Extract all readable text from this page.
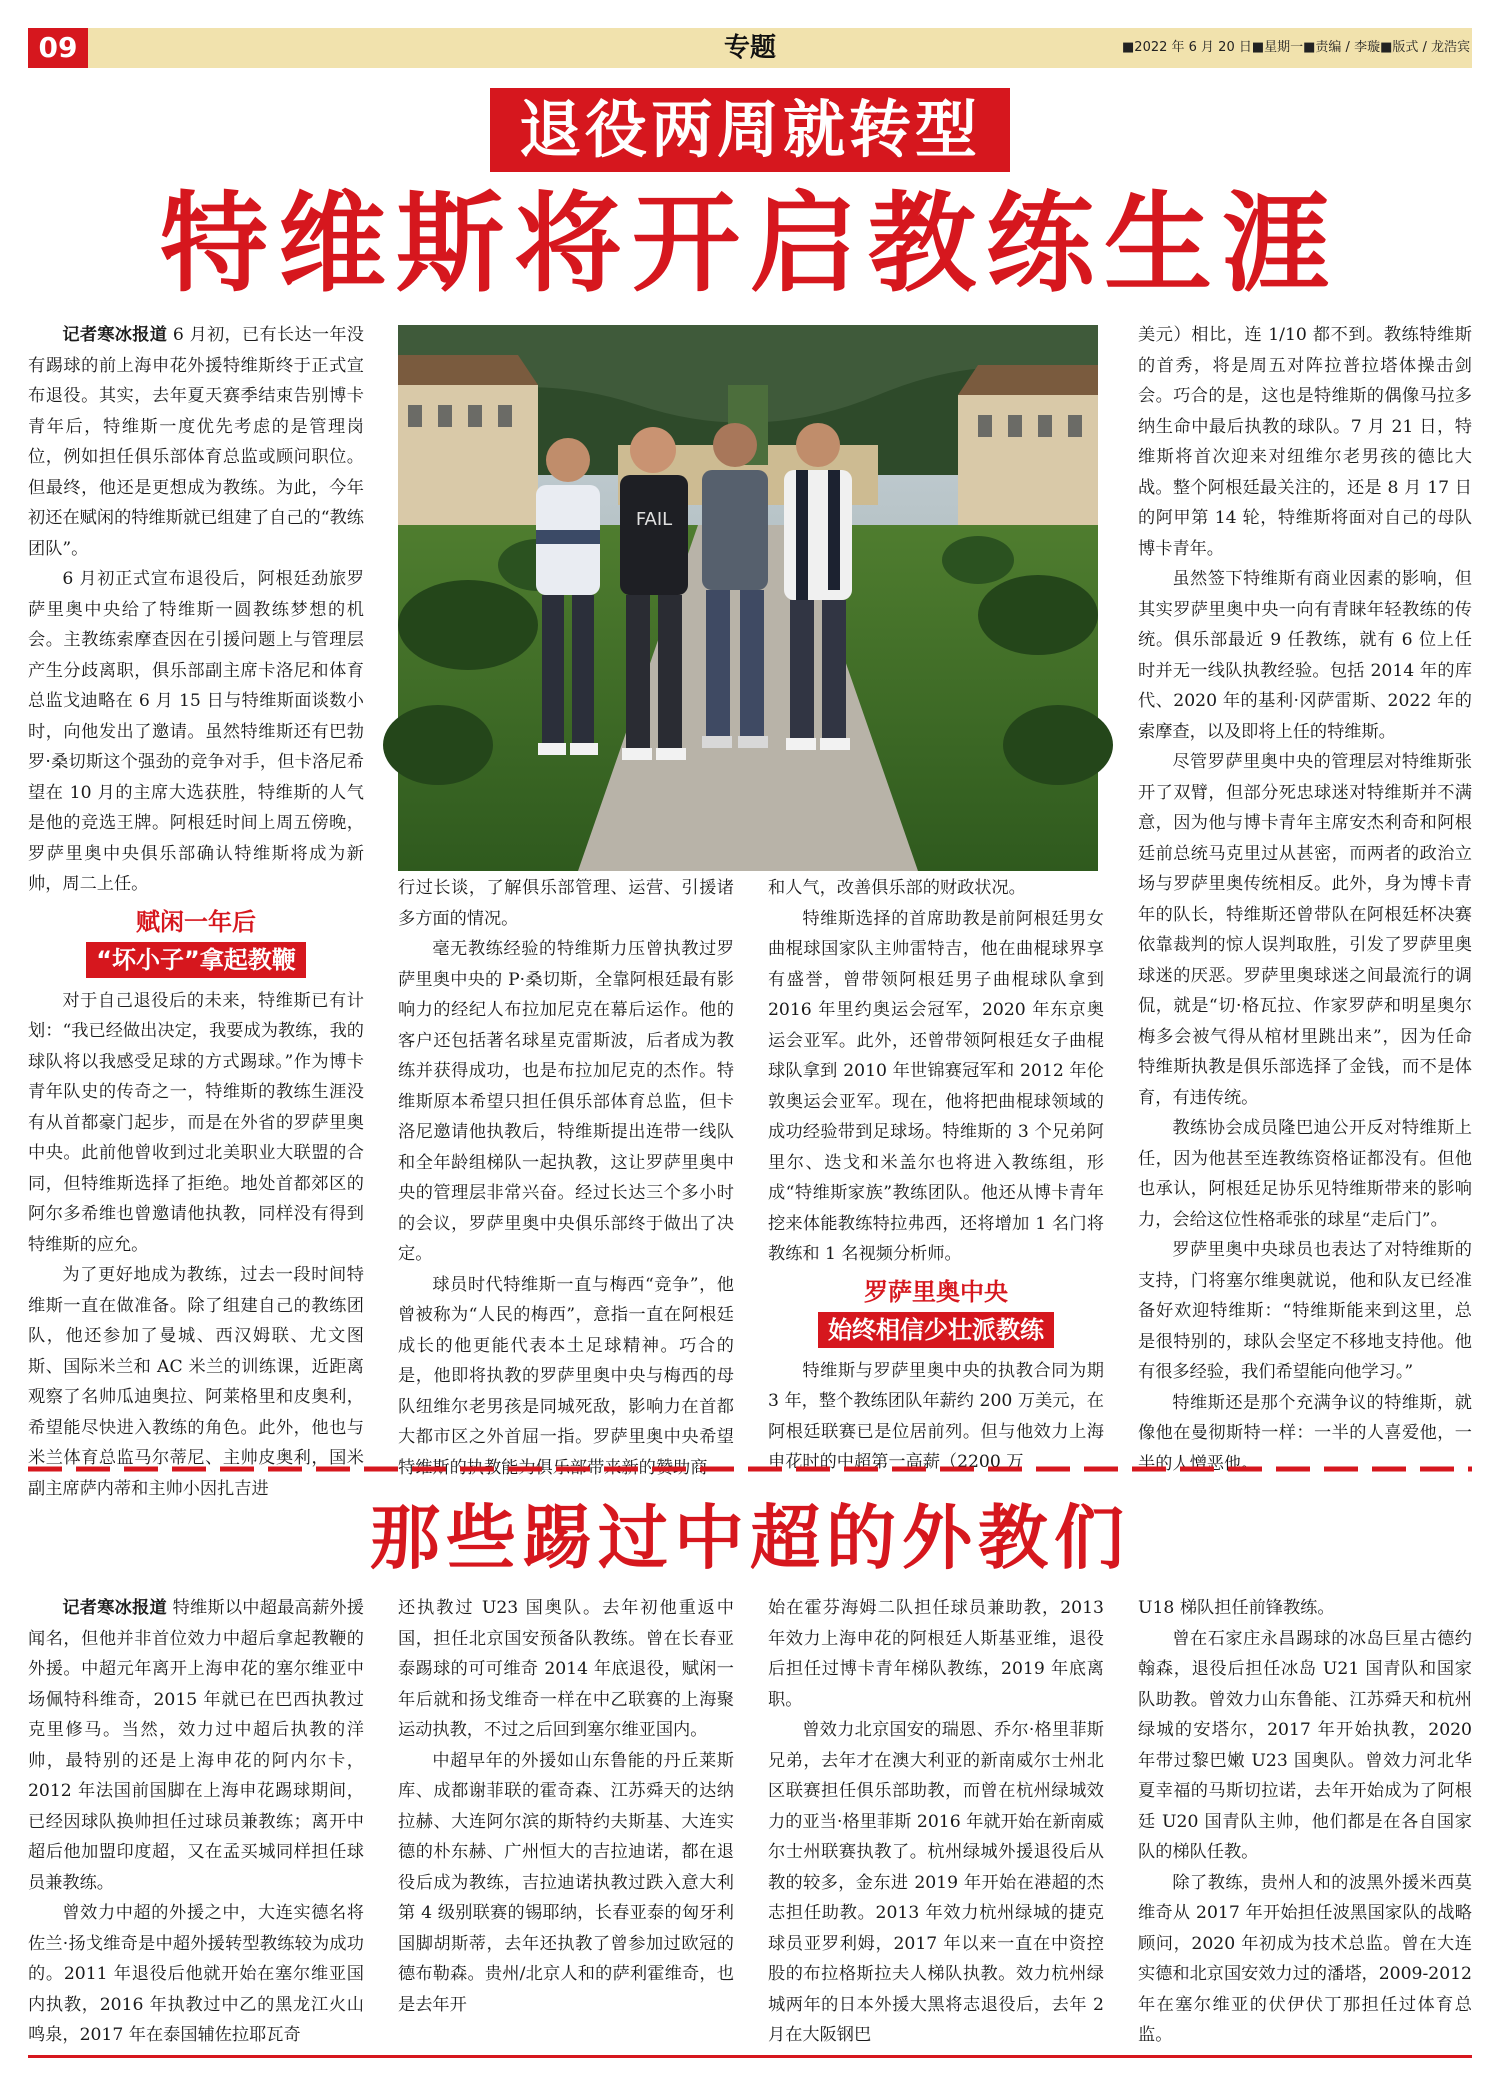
09	专题	■2022 年 6 月 20 日■星期一■责编 / 李璇■版式 / 龙浩宾
退役两周就转型
特维斯将开启教练生涯

记者寒冰报道 6 月初，已有长达一年没有踢球的前上海申花外援特维斯终于正式宣布退役。其实，去年夏天赛季结束告别博卡青年后，特维斯一度优先考虑的是管理岗位，例如担任俱乐部体育总监或顾问职位。但最终，他还是更想成为教练。为此，今年初还在赋闲的特维斯就已组建了自己的“教练团队”。

6 月初正式宣布退役后，阿根廷劲旅罗萨里奥中央给了特维斯一圆教练梦想的机会。主教练索摩查因在引援问题上与管理层产生分歧离职，俱乐部副主席卡洛尼和体育总监戈迪略在 6 月 15 日与特维斯面谈数小时，向他发出了邀请。虽然特维斯还有巴勃罗·桑切斯这个强劲的竞争对手，但卡洛尼希望在 10 月的主席大选获胜，特维斯的人气是他的竞选王牌。阿根廷时间上周五傍晚，罗萨里奥中央俱乐部确认特维斯将成为新帅，周二上任。

赋闲一年后
“坏小子”拿起教鞭

对于自己退役后的未来，特维斯已有计划：“我已经做出决定，我要成为教练，我的球队将以我感受足球的方式踢球。”作为博卡青年队史的传奇之一，特维斯的教练生涯没有从首都豪门起步，而是在外省的罗萨里奥中央。此前他曾收到过北美职业大联盟的合同，但特维斯选择了拒绝。地处首都郊区的阿尔多希维也曾邀请他执教，同样没有得到特维斯的应允。

为了更好地成为教练，过去一段时间特维斯一直在做准备。除了组建自己的教练团队，他还参加了曼城、西汉姆联、尤文图斯、国际米兰和 AC 米兰的训练课，近距离观察了名帅瓜迪奥拉、阿莱格里和皮奥利，希望能尽快进入教练的角色。此外，他也与米兰体育总监马尔蒂尼、主帅皮奥利，国米副主席萨内蒂和主帅小因扎吉进

FAIL

行过长谈，了解俱乐部管理、运营、引援诸多方面的情况。

毫无教练经验的特维斯力压曾执教过罗萨里奥中央的 P·桑切斯，全靠阿根廷最有影响力的经纪人布拉加尼克在幕后运作。他的客户还包括著名球星克雷斯波，后者成为教练并获得成功，也是布拉加尼克的杰作。特维斯原本希望只担任俱乐部体育总监，但卡洛尼邀请他执教后，特维斯提出连带一线队和全年龄组梯队一起执教，这让罗萨里奥中央的管理层非常兴奋。经过长达三个多小时的会议，罗萨里奥中央俱乐部终于做出了决定。

球员时代特维斯一直与梅西“竞争”，他曾被称为“人民的梅西”，意指一直在阿根廷成长的他更能代表本土足球精神。巧合的是，他即将执教的罗萨里奥中央与梅西的母队纽维尔老男孩是同城死敌，影响力在首都大都市区之外首屈一指。罗萨里奥中央希望特维斯的执教能为俱乐部带来新的赞助商

和人气，改善俱乐部的财政状况。

特维斯选择的首席助教是前阿根廷男女曲棍球国家队主帅雷特吉，他在曲棍球界享有盛誉，曾带领阿根廷男子曲棍球队拿到 2016 年里约奥运会冠军，2020 年东京奥运会亚军。此外，还曾带领阿根廷女子曲棍球队拿到 2010 年世锦赛冠军和 2012 年伦敦奥运会亚军。现在，他将把曲棍球领域的成功经验带到足球场。特维斯的 3 个兄弟阿里尔、迭戈和米盖尔也将进入教练组，形成“特维斯家族”教练团队。他还从博卡青年挖来体能教练特拉弗西，还将增加 1 名门将教练和 1 名视频分析师。

罗萨里奥中央
始终相信少壮派教练

特维斯与罗萨里奥中央的执教合同为期 3 年，整个教练团队年薪约 200 万美元，在阿根廷联赛已是位居前列。但与他效力上海申花时的中超第一高薪（2200 万

美元）相比，连 1/10 都不到。教练特维斯的首秀，将是周五对阵拉普拉塔体操击剑会。巧合的是，这也是特维斯的偶像马拉多纳生命中最后执教的球队。7 月 21 日，特维斯将首次迎来对纽维尔老男孩的德比大战。整个阿根廷最关注的，还是 8 月 17 日的阿甲第 14 轮，特维斯将面对自己的母队博卡青年。

虽然签下特维斯有商业因素的影响，但其实罗萨里奥中央一向有青睐年轻教练的传统。俱乐部最近 9 任教练，就有 6 位上任时并无一线队执教经验。包括 2014 年的库代、2020 年的基利·冈萨雷斯、2022 年的索摩查，以及即将上任的特维斯。

尽管罗萨里奥中央的管理层对特维斯张开了双臂，但部分死忠球迷对特维斯并不满意，因为他与博卡青年主席安杰利奇和阿根廷前总统马克里过从甚密，而两者的政治立场与罗萨里奥传统相反。此外，身为博卡青年的队长，特维斯还曾带队在阿根廷杯决赛依靠裁判的惊人误判取胜，引发了罗萨里奥球迷的厌恶。罗萨里奥球迷之间最流行的调侃，就是“切·格瓦拉、作家罗萨和明星奥尔梅多会被气得从棺材里跳出来”，因为任命特维斯执教是俱乐部选择了金钱，而不是体育，有违传统。

教练协会成员隆巴迪公开反对特维斯上任，因为他甚至连教练资格证都没有。但他也承认，阿根廷足协乐见特维斯带来的影响力，会给这位性格乖张的球星“走后门”。

罗萨里奥中央球员也表达了对特维斯的支持，门将塞尔维奥就说，他和队友已经准备好欢迎特维斯：“特维斯能来到这里，总是很特别的，球队会坚定不移地支持他。他有很多经验，我们希望能向他学习。”

特维斯还是那个充满争议的特维斯，就像他在曼彻斯特一样：一半的人喜爱他，一半的人憎恶他。

那些踢过中超的外教们

记者寒冰报道 特维斯以中超最高薪外援闻名，但他并非首位效力中超后拿起教鞭的外援。中超元年离开上海申花的塞尔维亚中场佩特科维奇，2015 年就已在巴西执教过克里修马。当然，效力过中超后执教的洋帅，最特别的还是上海申花的阿内尔卡，2012 年法国前国脚在上海申花踢球期间，已经因球队换帅担任过球员兼教练；离开中超后他加盟印度超，又在孟买城同样担任球员兼教练。

曾效力中超的外援之中，大连实德名将佐兰·扬戈维奇是中超外援转型教练较为成功的。2011 年退役后他就开始在塞尔维亚国内执教，2016 年执教过中乙的黑龙江火山鸣泉，2017 年在泰国辅佐拉耶瓦奇

还执教过 U23 国奥队。去年初他重返中国，担任北京国安预备队教练。曾在长春亚泰踢球的可可维奇 2014 年底退役，赋闲一年后就和扬戈维奇一样在中乙联赛的上海聚运动执教，不过之后回到塞尔维亚国内。

中超早年的外援如山东鲁能的丹丘莱斯库、成都谢菲联的霍奇森、江苏舜天的达纳拉赫、大连阿尔滨的斯特约夫斯基、大连实德的朴东赫、广州恒大的吉拉迪诺，都在退役后成为教练，吉拉迪诺执教过跌入意大利第 4 级别联赛的锡耶纳，长春亚泰的匈牙利国脚胡斯蒂，去年还执教了曾参加过欧冠的德布勒森。贵州/北京人和的萨利霍维奇，也是去年开

始在霍芬海姆二队担任球员兼助教，2013 年效力上海申花的阿根廷人斯基亚维，退役后担任过博卡青年梯队教练，2019 年底离职。

曾效力北京国安的瑞恩、乔尔·格里菲斯兄弟，去年才在澳大利亚的新南威尔士州北区联赛担任俱乐部助教，而曾在杭州绿城效力的亚当·格里菲斯 2016 年就开始在新南威尔士州联赛执教了。杭州绿城外援退役后从教的较多，金东进 2019 年开始在港超的杰志担任助教。2013 年效力杭州绿城的捷克球员亚罗利姆，2017 年以来一直在中资控股的布拉格斯拉夫人梯队执教。效力杭州绿城两年的日本外援大黑将志退役后，去年 2 月在大阪钢巴

U18 梯队担任前锋教练。

曾在石家庄永昌踢球的冰岛巨星古德约翰森，退役后担任冰岛 U21 国青队和国家队助教。曾效力山东鲁能、江苏舜天和杭州绿城的安塔尔，2017 年开始执教，2020 年带过黎巴嫩 U23 国奥队。曾效力河北华夏幸福的马斯切拉诺，去年开始成为了阿根廷 U20 国青队主帅，他们都是在各自国家队的梯队任教。

除了教练，贵州人和的波黑外援米西莫维奇从 2017 年开始担任波黑国家队的战略顾问，2020 年初成为技术总监。曾在大连实德和北京国安效力过的潘塔，2009-2012 年在塞尔维亚的伏伊伏丁那担任过体育总监。
